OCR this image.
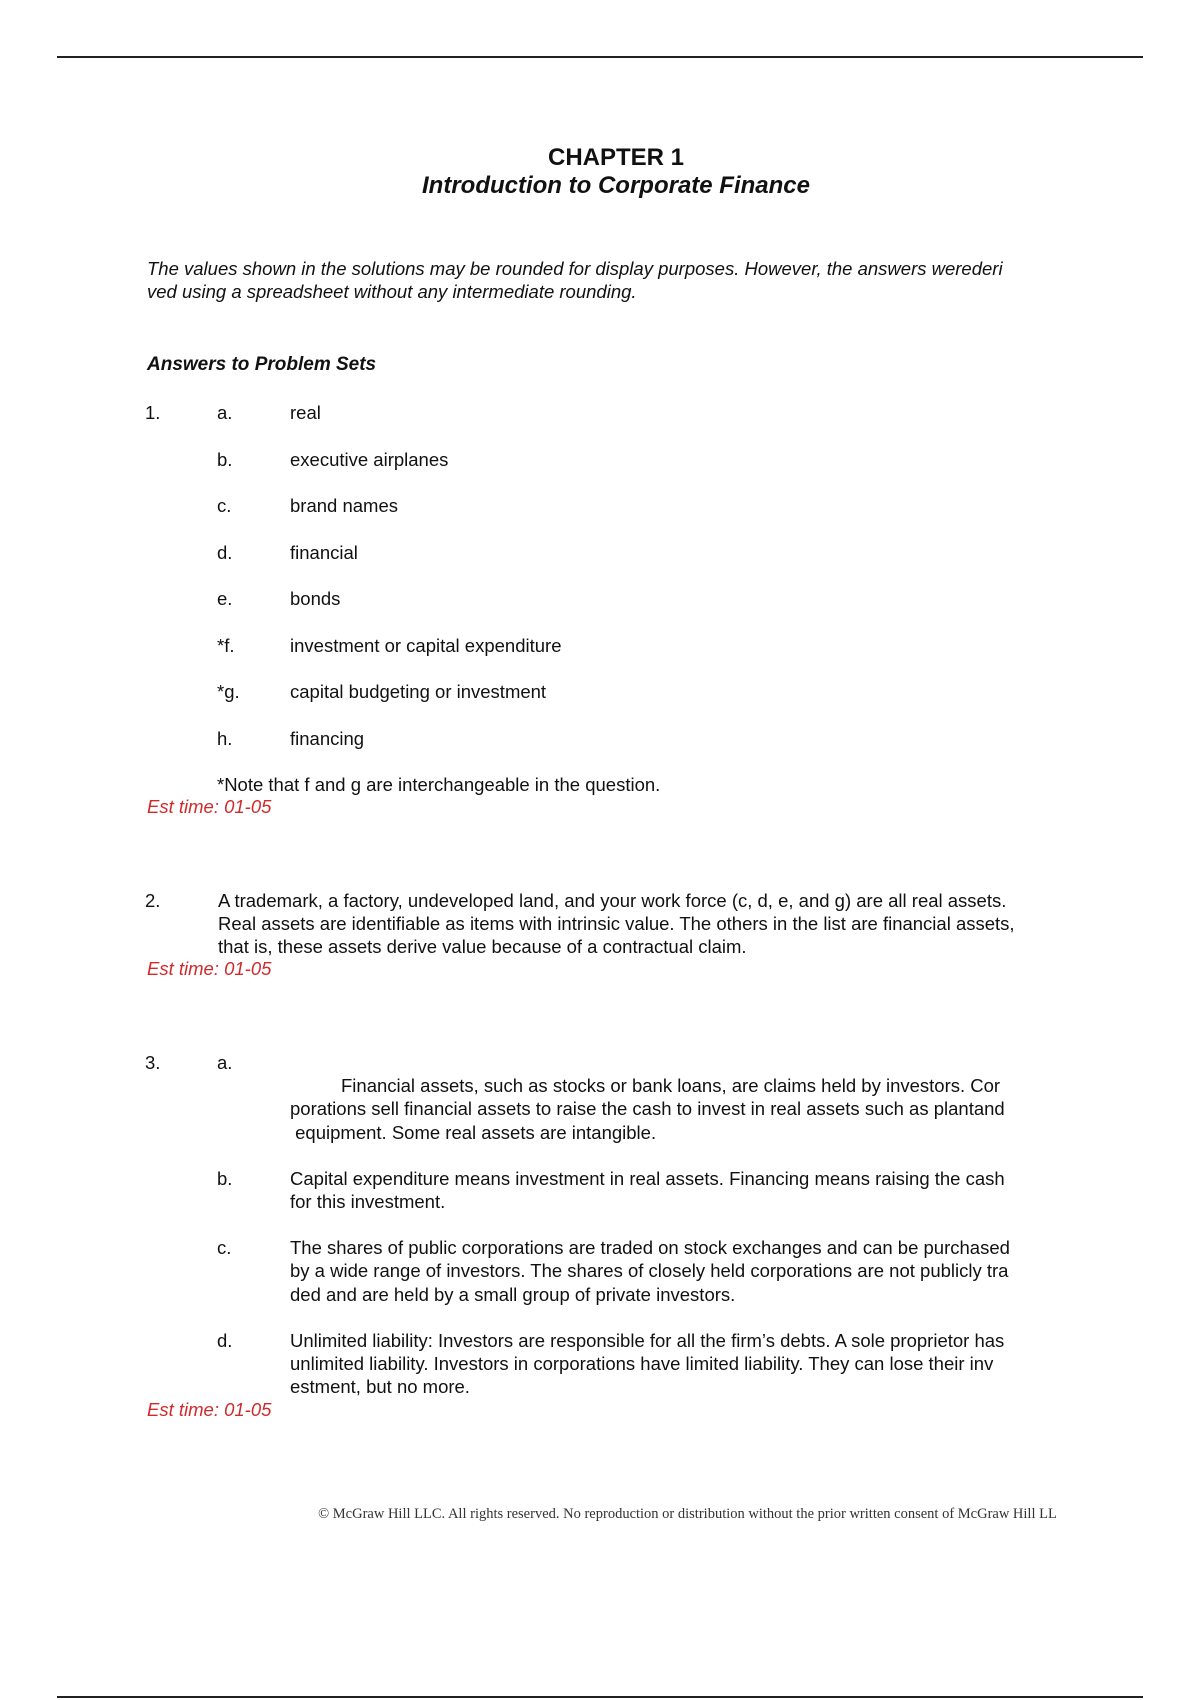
CHAPTER 1
Introduction to Corporate Finance
The values shown in the solutions may be rounded for display purposes. However, the answers werederi
ved using a spreadsheet without any intermediate rounding.
Answers to Problem Sets
1.	a.	real
b.	executive airplanes
c.	brand names
d.	financial
e.	bonds
*f.	investment or capital expenditure
*g.	capital budgeting or investment
h.	financing
*Note that f and g are interchangeable in the question.
Est time: 01-05
2.	A trademark, a factory, undeveloped land, and your work force (c, d, e, and g) are all real assets.
Real assets are identifiable as items with intrinsic value. The others in the list are financial assets,
that is, these assets derive value because of a contractual claim.
Est time: 01-05
3.	a.
Financial assets, such as stocks or bank loans, are claims held by investors. Cor
porations sell financial assets to raise the cash to invest in real assets such as plantand
equipment. Some real assets are intangible.
b.	Capital expenditure means investment in real assets. Financing means raising the cash
for this investment.
c.	The shares of public corporations are traded on stock exchanges and can be purchased
by a wide range of investors. The shares of closely held corporations are not publicly tra
ded and are held by a small group of private investors.
d.	Unlimited liability: Investors are responsible for all the firm’s debts. A sole proprietor has
unlimited liability. Investors in corporations have limited liability. They can lose their inv
estment, but no more.
Est time: 01-05
© McGraw Hill LLC. All rights reserved. No reproduction or distribution without the prior written consent of McGraw Hill LL
